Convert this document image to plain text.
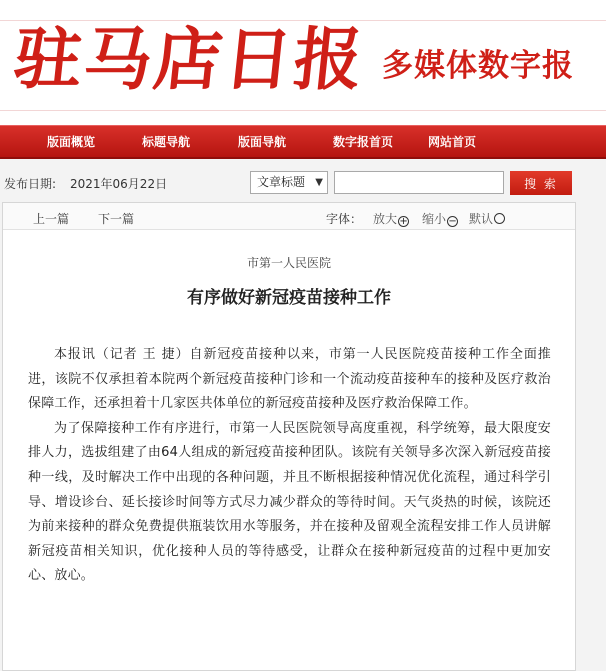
驻马店日报 多媒体数字报
版面概览	标题导航	版面导航	数字报首页	网站首页
发布日期: 2021年06月22日	文章标题 ▼	搜 索
上一篇 下一篇	字体： 放大 + 缩小 − 默认
市第一人民医院
有序做好新冠疫苗接种工作

本报讯（记者 王 捷）自新冠疫苗接种以来，市第一人民医院疫苗接种工作全面推进，该院不仅承担着本院两个新冠疫苗接种门诊和一个流动疫苗接种车的接种及医疗救治保障工作，还承担着十几家医共体单位的新冠疫苗接种及医疗救治保障工作。

为了保障接种工作有序进行，市第一人民医院领导高度重视，科学统筹，最大限度安排人力，选拔组建了由64人组成的新冠疫苗接种团队。该院有关领导多次深入新冠疫苗接种一线，及时解决工作中出现的各种问题，并且不断根据接种情况优化流程，通过科学引导、增设诊台、延长接诊时间等方式尽力减少群众的等待时间。天气炎热的时候，该院还为前来接种的群众免费提供瓶装饮用水等服务，并在接种及留观全流程安排工作人员讲解新冠疫苗相关知识，优化接种人员的等待感受，让群众在接种新冠疫苗的过程中更加安心、放心。
